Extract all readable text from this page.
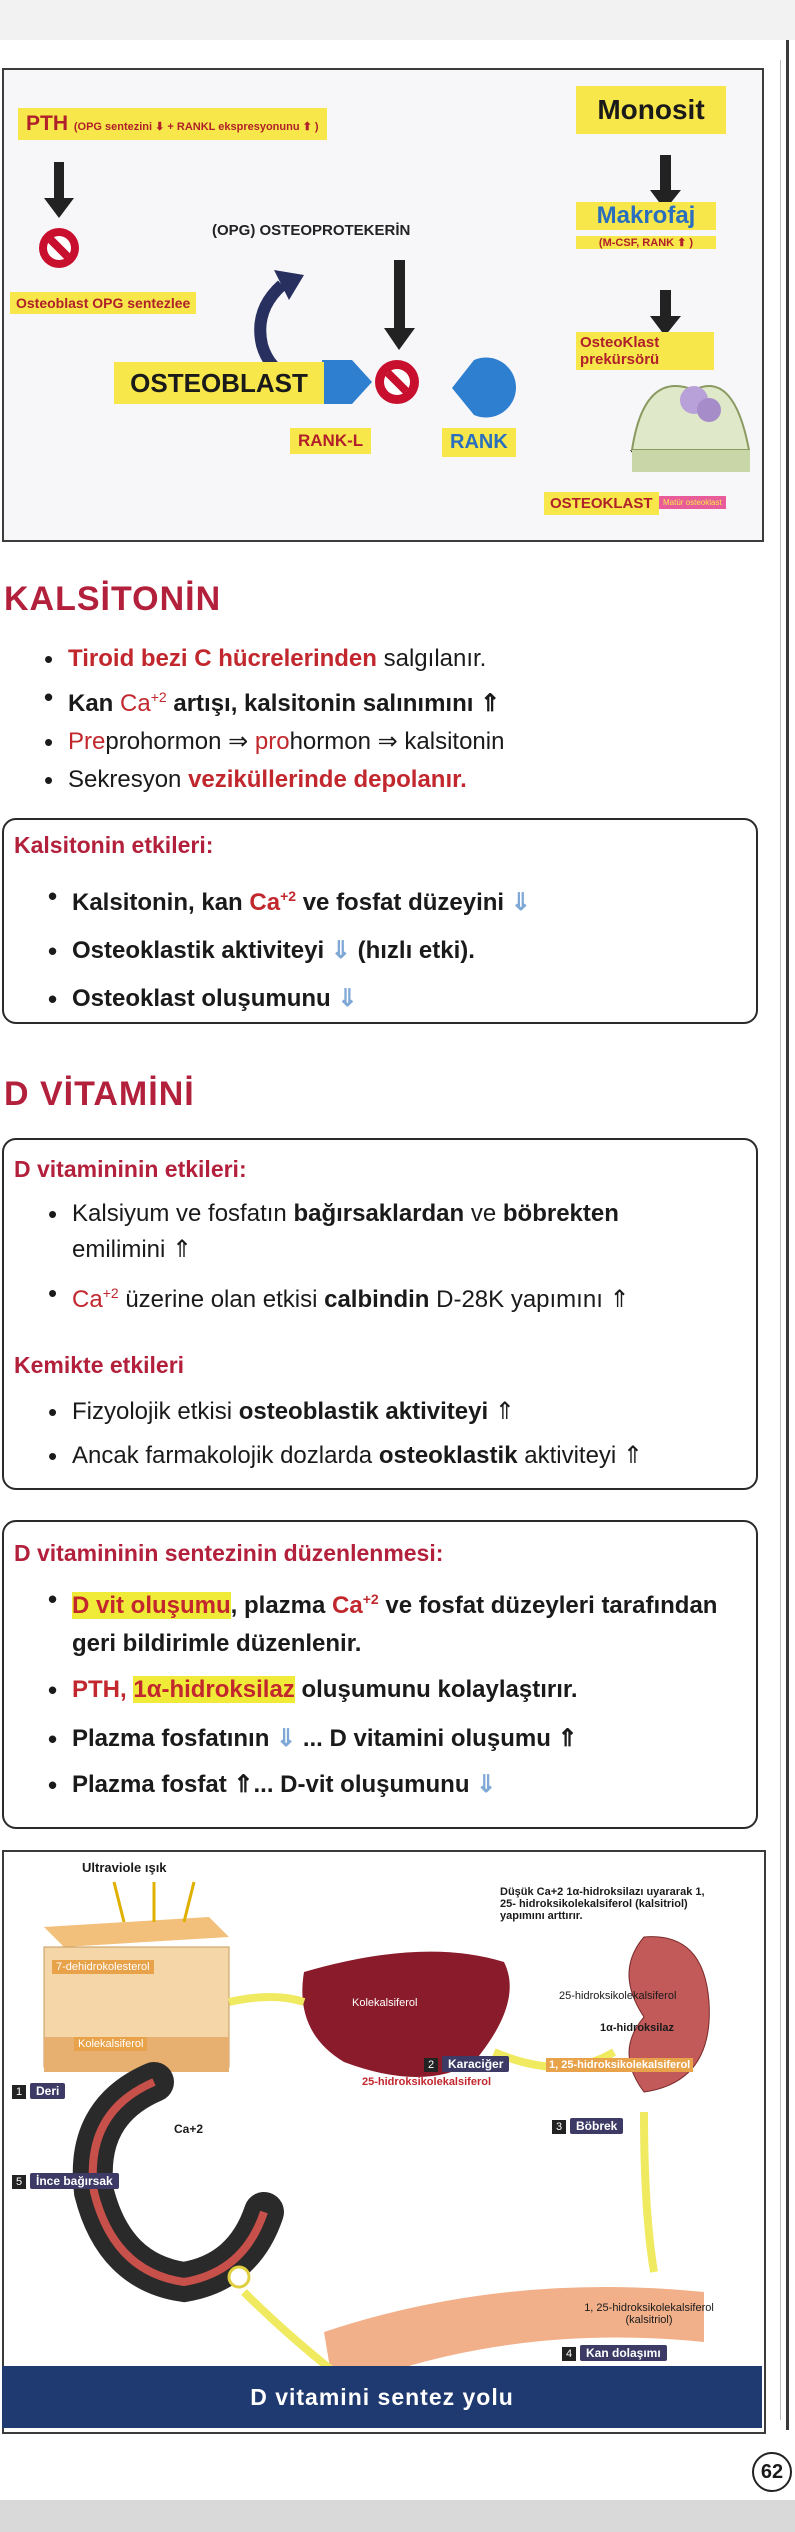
PTH (OPG sentezini ⬇ + RANKL ekspresyonunu ⬆ )
Monosit
(OPG) OSTEOPROTEKERİN
Makrofaj
(M-CSF, RANK ⬆ )
Osteoblast OPG sentezlee
OsteoKlast prekürsörü
OSTEOBLAST
RANK-L	RANK
OSTEOKLAST	Matür osteoklast
KALSİTONİN
• Tiroid bezi C hücrelerinden salgılanır.
• Kan $Ca^{+2}$ artışı, kalsitonin salınımını ⇑
• Preprohormon ⇒ prohormon ⇒ kalsitonin
• Sekresyon veziküllerinde depolanır.
Kalsitonin etkileri:
• Kalsitonin, kan $Ca^{+2}$ ve fosfat düzeyini ⇓
• Osteoklastik aktiviteyi ⇓ (hızlı etki).
• Osteoklast oluşumunu ⇓
D VİTAMİNİ
D vitamininin etkileri:
• Kalsiyum ve fosfatın bağırsaklardan ve böbrekten
emilimini ⇑
• $Ca^{+2}$ üzerine olan etkisi calbindin D-28K yapımını ⇑
Kemikte etkileri
• Fizyolojik etkisi osteoblastik aktiviteyi ⇑
• Ancak farmakolojik dozlarda osteoklastik aktiviteyi ⇑
D vitamininin sentezinin düzenlenmesi:
• D vit oluşumu, plazma $Ca^{+2}$ ve fosfat düzeyleri tarafından
geri bildirimle düzenlenir.
• PTH, 1α-hidroksilaz oluşumunu kolaylaştırır.
• Plazma fosfatının ⇓ ... D vitamini oluşumu ⇑
• Plazma fosfat ⇑... D-vit oluşumunu ⇓
Ultraviole ışık
7-dehidrokolesterol
Kolekalsiferol
1 Deri
Düşük Ca+2 1α-hidroksilazı uyararak 1, 25- hidroksikolekalsiferol (kalsitriol) yapımını arttırır.
Kolekalsiferol
2 Karaciğer
25-hidroksikolekalsiferol
25-hidroksikolekalsiferol
1α-hidroksilaz
1, 25-hidroksikolekalsiferol
3 Böbrek
Ca+2
5 İnce bağırsak
1, 25-hidroksikolekalsiferol (kalsitriol)
4 Kan dolaşımı
D vitamini sentez yolu
62
